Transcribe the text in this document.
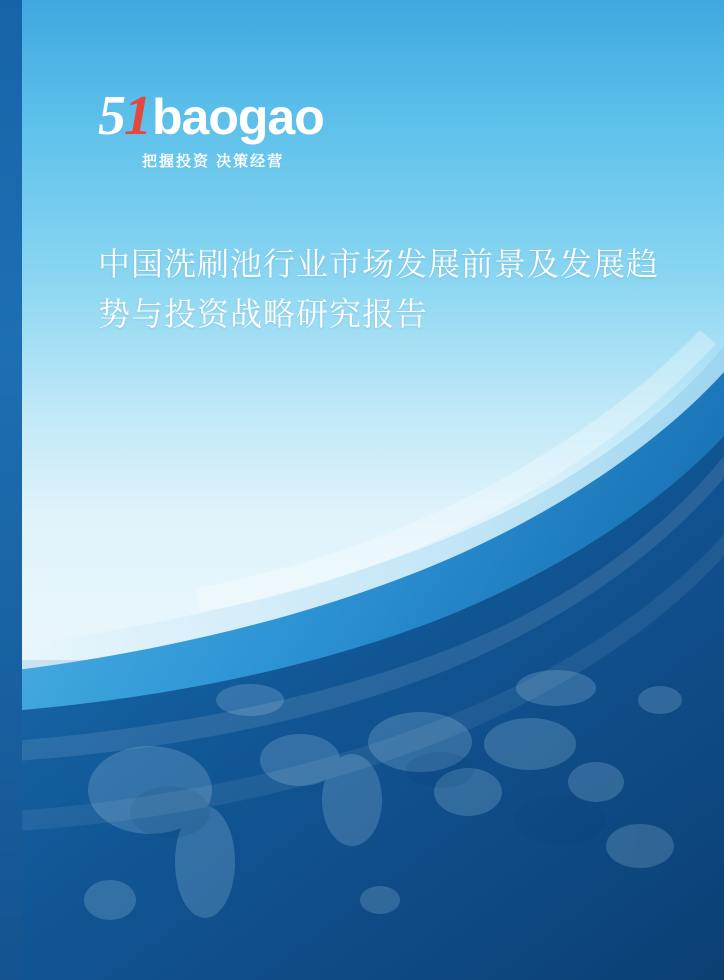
51 baogao
把握投资 决策经营
中国洗刷池行业市场发展前景及发展趋势与投资战略研究报告
